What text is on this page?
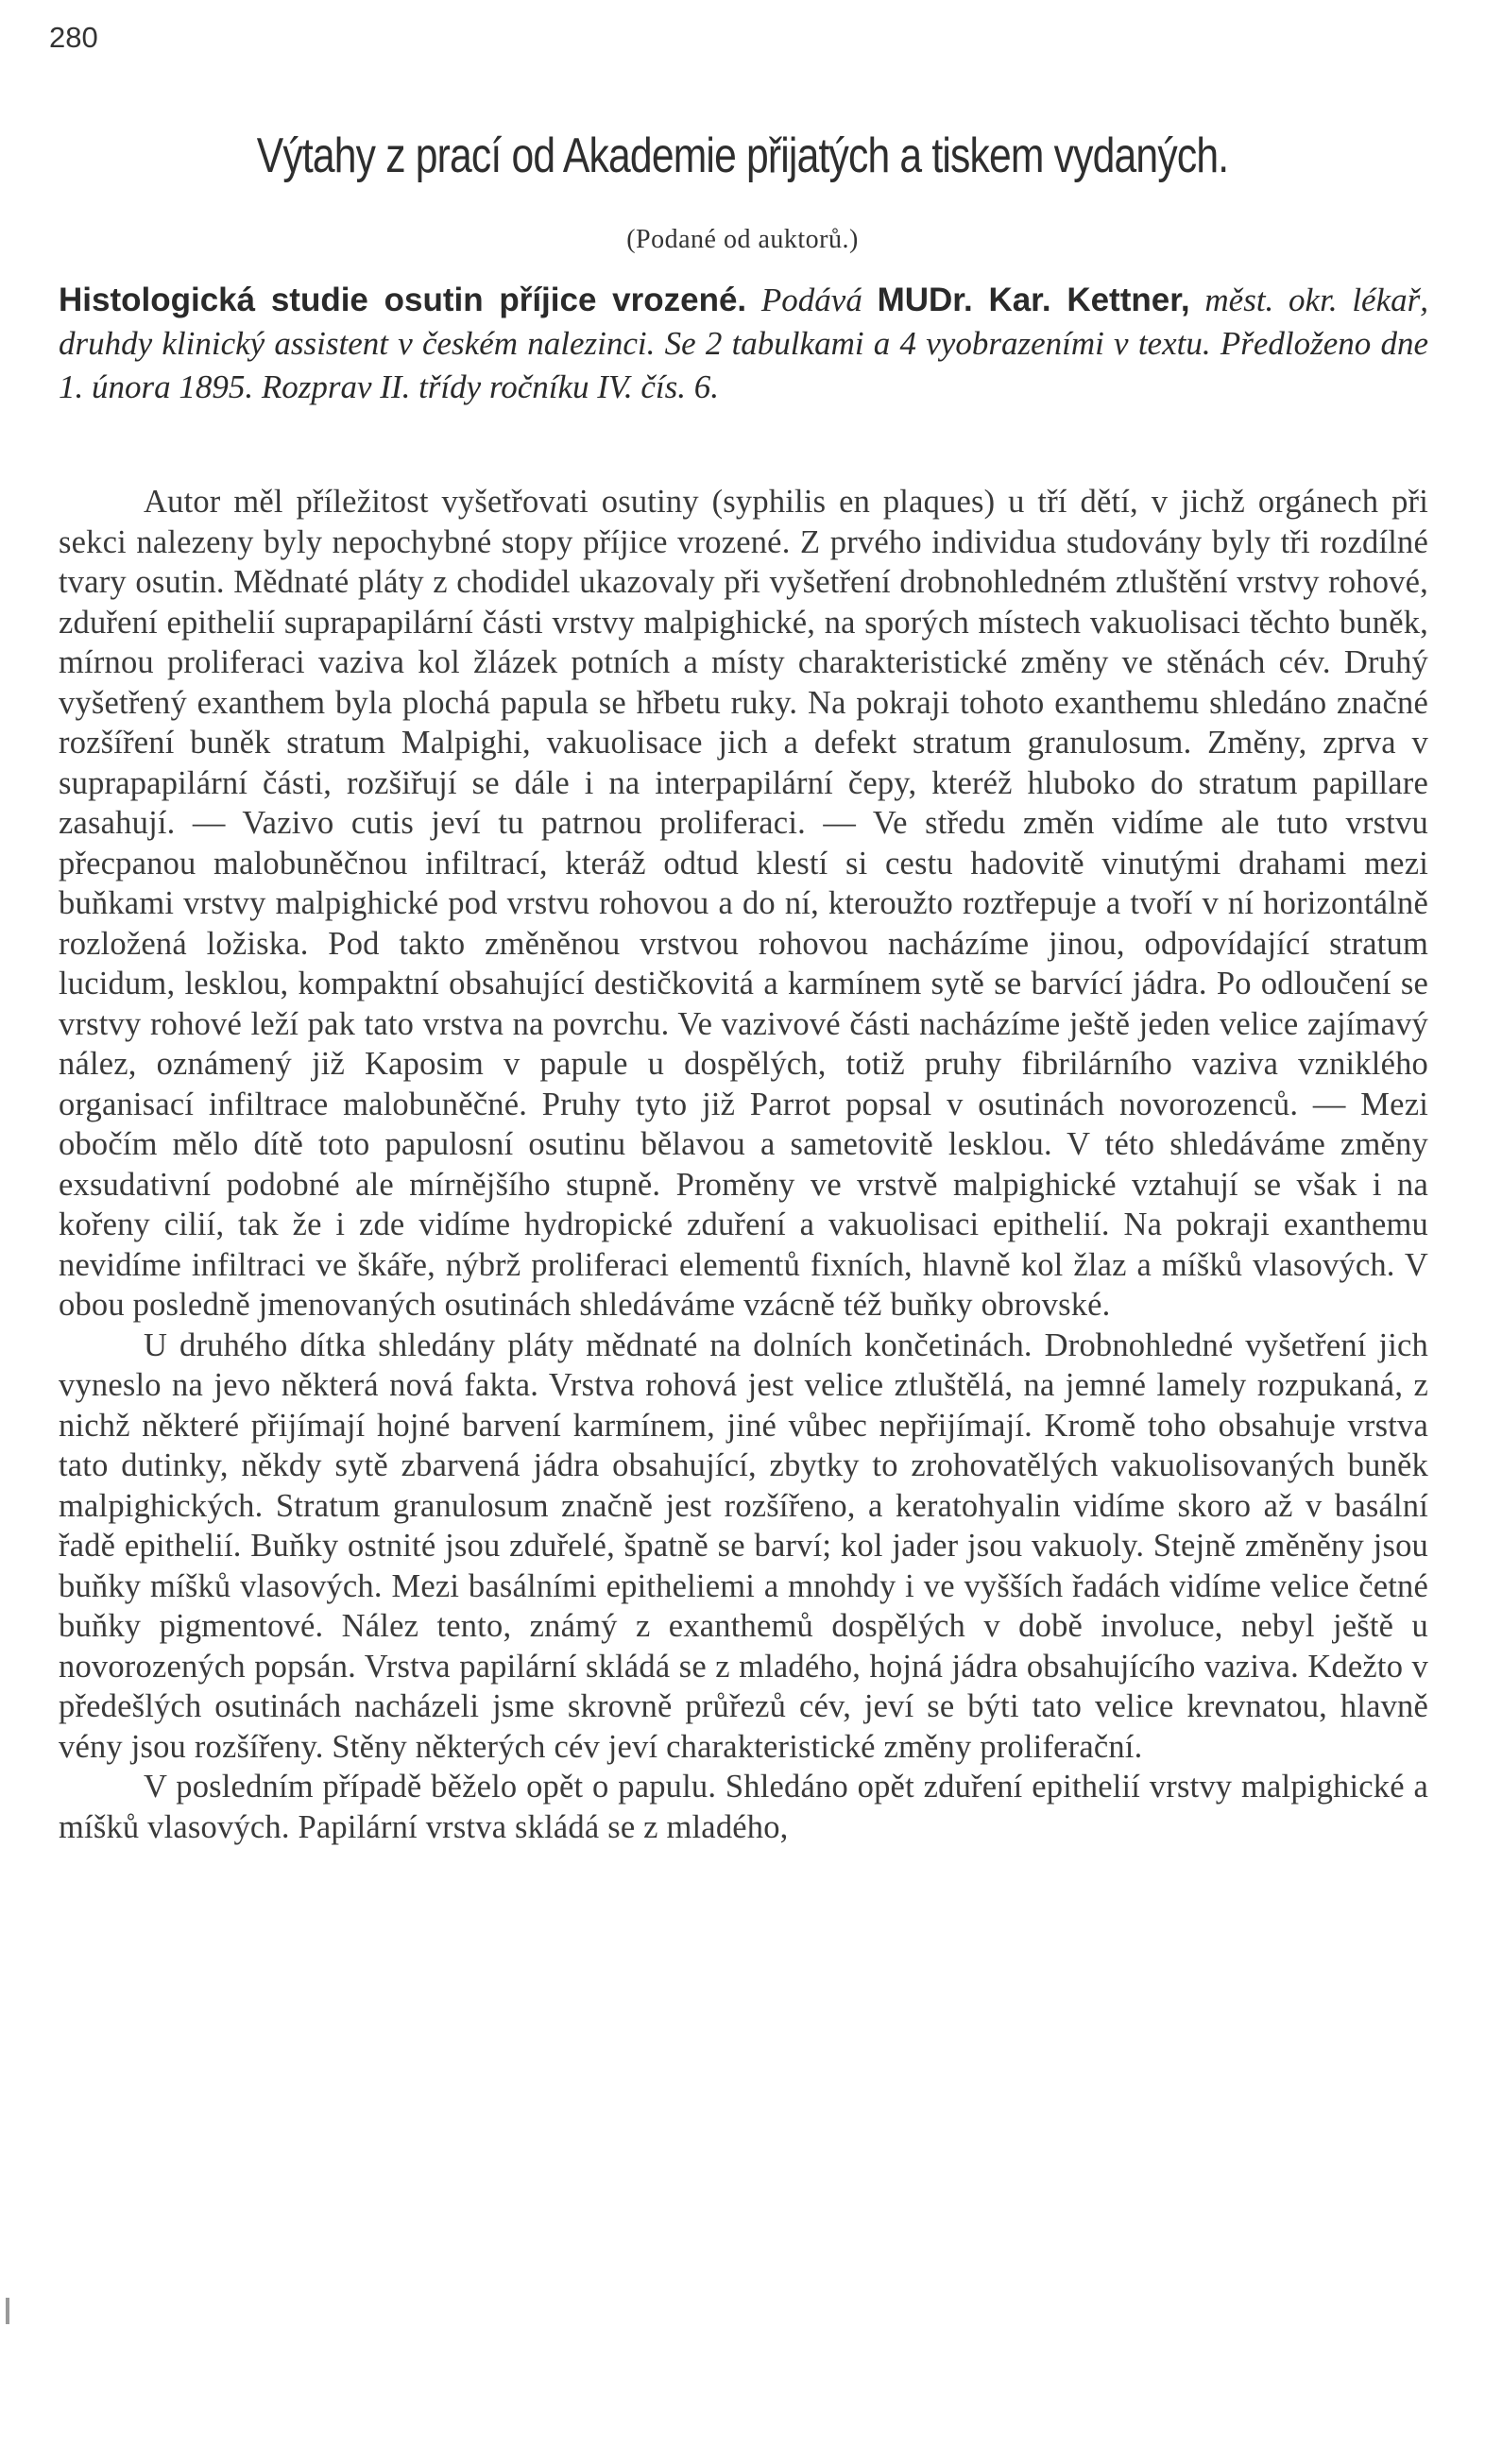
280
Výtahy z prací od Akademie přijatých a tiskem vydaných.
(Podané od auktorů.)
Histologická studie osutin příjice vrozené. Podává MUDr. Kar. Kettner, měst. okr. lékař, druhdy klinický assistent v českém nalezinci. Se 2 tabulkami a 4 vyobrazeními v textu. Předloženo dne 1. února 1895. Rozprav II. třídy ročníku IV. čís. 6.

Autor měl příležitost vyšetřovati osutiny (syphilis en plaques) u tří dětí, v jichž orgánech při sekci nalezeny byly nepochybné stopy příjice vrozené. Z prvého individua studovány byly tři rozdílné tvary osutin. Mědnaté pláty z chodidel ukazovaly při vyšetření drobnohledném ztluštění vrstvy rohové, zduření epithelií suprapapilární části vrstvy malpighické, na sporých místech vakuolisaci těchto buněk, mírnou proliferaci vaziva kol žlázek potních a místy charakteristické změny ve stěnách cév. Druhý vyšetřený exanthem byla plochá papula se hřbetu ruky. Na pokraji tohoto exanthemu shledáno značné rozšíření buněk stratum Malpighi, vakuolisace jich a defekt stratum granulosum. Změny, zprva v suprapapilární části, rozšiřují se dále i na interpapilární čepy, kteréž hluboko do stratum papillare zasahují. — Vazivo cutis jeví tu patrnou proliferaci. — Ve středu změn vidíme ale tuto vrstvu přecpanou malobuněčnou infiltrací, kteráž odtud klestí si cestu hadovitě vinutými drahami mezi buňkami vrstvy malpighické pod vrstvu rohovou a do ní, kteroužto roztřepuje a tvoří v ní horizontálně rozložená ložiska. Pod takto změněnou vrstvou rohovou nacházíme jinou, odpovídající stratum lucidum, lesklou, kompaktní obsahující destičkovitá a karmínem sytě se barvící jádra. Po odloučení se vrstvy rohové leží pak tato vrstva na povrchu. Ve vazivové části nacházíme ještě jeden velice zajímavý nález, oznámený již Kaposim v papule u dospělých, totiž pruhy fibrilárního vaziva vzniklého organisací infiltrace malobuněčné. Pruhy tyto již Parrot popsal v osutinách novorozenců. — Mezi obočím mělo dítě toto papulosní osutinu bělavou a sametovitě lesklou. V této shledáváme změny exsudativní podobné ale mírnějšího stupně. Proměny ve vrstvě malpighické vztahují se však i na kořeny cilií, tak že i zde vidíme hydropické zduření a vakuolisaci epithelií. Na pokraji exanthemu nevidíme infiltraci ve škáře, nýbrž proliferaci elementů fixních, hlavně kol žlaz a míšků vlasových. V obou posledně jmenovaných osutinách shledáváme vzácně též buňky obrovské.

U druhého dítka shledány pláty mědnaté na dolních končetinách. Drobnohledné vyšetření jich vyneslo na jevo některá nová fakta. Vrstva rohová jest velice ztluštělá, na jemné lamely rozpukaná, z nichž některé přijímají hojné barvení karmínem, jiné vůbec nepřijímají. Kromě toho obsahuje vrstva tato dutinky, někdy sytě zbarvená jádra obsahující, zbytky to zrohovatělých vakuolisovaných buněk malpighických. Stratum granulosum značně jest rozšířeno, a keratohyalin vidíme skoro až v basální řadě epithelií. Buňky ostnité jsou zduřelé, špatně se barví; kol jader jsou vakuoly. Stejně změněny jsou buňky míšků vlasových. Mezi basálními epitheliemi a mnohdy i ve vyšších řadách vidíme velice četné buňky pigmentové. Nález tento, známý z exanthemů dospělých v době involuce, nebyl ještě u novorozených popsán. Vrstva papilární skládá se z mladého, hojná jádra obsahujícího vaziva. Kdežto v předešlých osutinách nacházeli jsme skrovně průřezů cév, jeví se býti tato velice krevnatou, hlavně vény jsou rozšířeny. Stěny některých cév jeví charakteristické změny proliferační.

V posledním případě běželo opět o papulu. Shledáno opět zduření epithelií vrstvy malpighické a míšků vlasových. Papilární vrstva skládá se z mladého,
